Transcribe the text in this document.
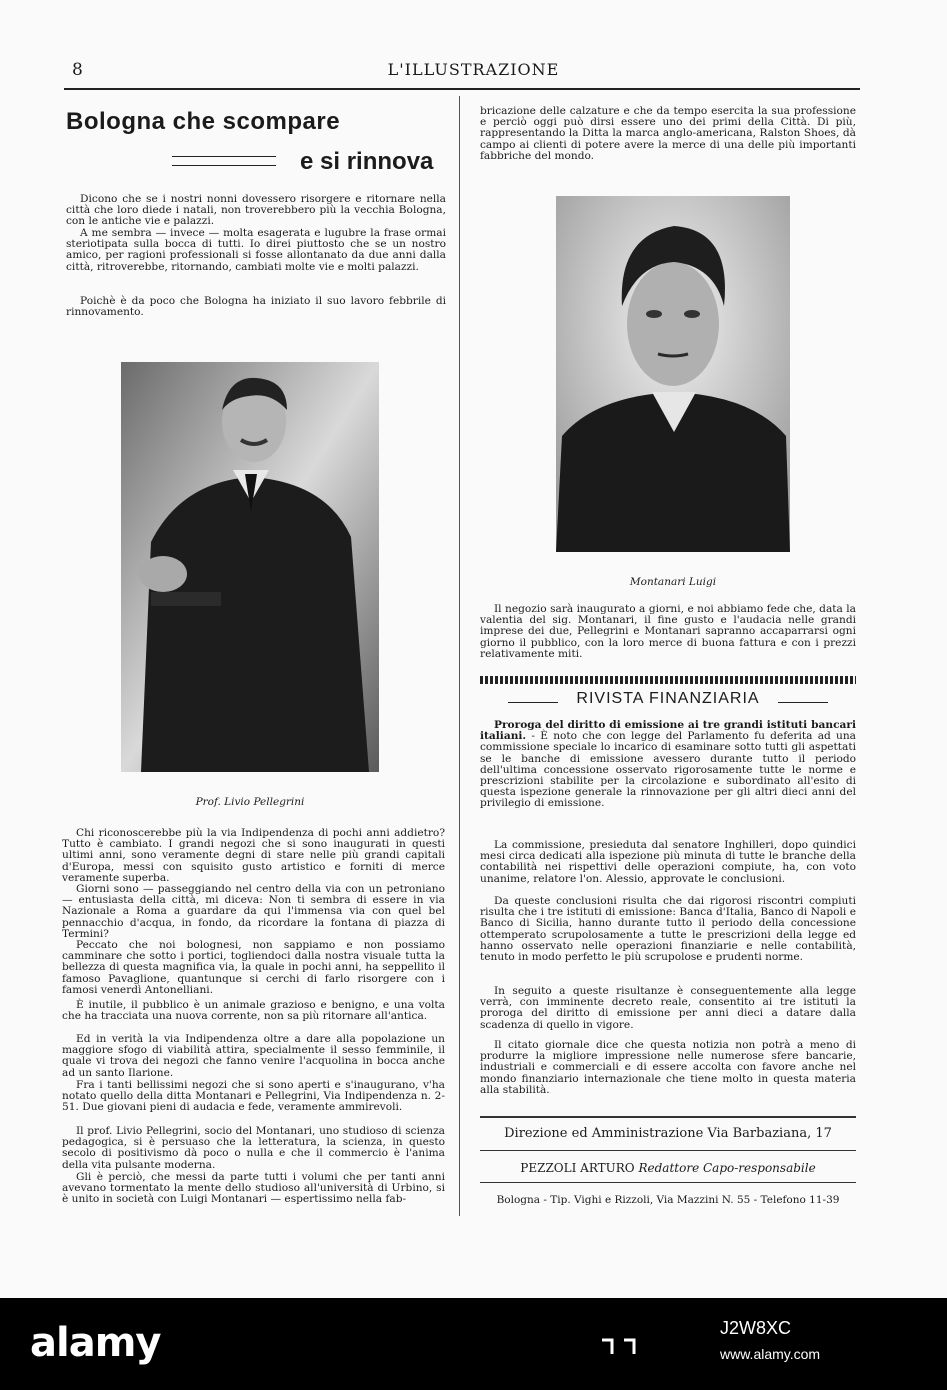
8	L'ILLUSTRAZIONE
Bologna che scompare
e si rinnova

Dicono che se i nostri nonni dovessero risorgere e ritornare nella città che loro diede i natali, non troverebbero più la vecchia Bologna, con le antiche vie e palazzi.

A me sembra — invece — molta esagerata e lugubre la frase ormai steriotipata sulla bocca di tutti. Io direi piuttosto che se un nostro amico, per ragioni professionali si fosse allontanato da due anni dalla città, ritroverebbe, ritornando, cambiati molte vie e molti palazzi.

Poichè è da poco che Bologna ha iniziato il suo lavoro febbrile di rinnovamento.

Prof. Livio Pellegrini

Chi riconoscerebbe più la via Indipendenza di pochi anni addietro? Tutto è cambiato. I grandi negozi che si sono inaugurati in questi ultimi anni, sono veramente degni di stare nelle più grandi capitali d'Europa, messi con squisito gusto artistico e forniti di merce veramente superba.

Giorni sono — passeggiando nel centro della via con un petroniano — entusiasta della città, mi diceva: Non ti sembra di essere in via Nazionale a Roma a guardare da qui l'immensa via con quel bel pennacchio d'acqua, in fondo, da ricordare la fontana di piazza di Termini?

Peccato che noi bolognesi, non sappiamo e non possiamo camminare che sotto i portici, togliendoci dalla nostra visuale tutta la bellezza di questa magnifica via, la quale in pochi anni, ha seppellito il famoso Pavaglione, quantunque si cerchi di farlo risorgere con i famosi venerdì Antonelliani.

È inutile, il pubblico è un animale grazioso e benigno, e una volta che ha tracciata una nuova corrente, non sa più ritornare all'antica.

Ed in verità la via Indipendenza oltre a dare alla popolazione un maggiore sfogo di viabilità attira, specialmente il sesso femminile, il quale vi trova dei negozi che fanno venire l'acquolina in bocca anche ad un santo Ilarione.

Fra i tanti bellissimi negozi che si sono aperti e s'inaugurano, v'ha notato quello della ditta Montanari e Pellegrini, Via Indipendenza n. 2-51. Due giovani pieni di audacia e fede, veramente ammirevoli.

Il prof. Livio Pellegrini, socio del Montanari, uno studioso di scienza pedagogica, si è persuaso che la letteratura, la scienza, in questo secolo di positivismo dà poco o nulla e che il commercio è l'anima della vita pulsante moderna.

Gli è perciò, che messi da parte tutti i volumi che per tanti anni avevano tormentato la mente dello studioso all'università di Urbino, si è unito in società con Luigi Montanari — espertissimo nella fab-

bricazione delle calzature e che da tempo esercita la sua professione e perciò oggi può dirsi essere uno dei primi della Città. Di più, rappresentando la Ditta la marca anglo-americana, Ralston Shoes, dà campo ai clienti di potere avere la merce di una delle più importanti fabbriche del mondo.

Montanari Luigi

Il negozio sarà inaugurato a giorni, e noi abbiamo fede che, data la valentia del sig. Montanari, il fine gusto e l'audacia nelle grandi imprese dei due, Pellegrini e Montanari sapranno accaparrarsi ogni giorno il pubblico, con la loro merce di buona fattura e con i prezzi relativamente miti.

RIVISTA FINANZIARIA

Proroga del diritto di emissione ai tre grandi istituti bancari italiani. - È noto che con legge del Parlamento fu deferita ad una commissione speciale lo incarico di esaminare sotto tutti gli aspettati se le banche di emissione avessero durante tutto il periodo dell'ultima concessione osservato rigorosamente tutte le norme e prescrizioni stabilite per la circolazione e subordinato all'esito di questa ispezione generale la rinnovazione per gli altri dieci anni del privilegio di emissione.

La commissione, presieduta dal senatore Inghilleri, dopo quindici mesi circa dedicati alla ispezione più minuta di tutte le branche della contabilità nei rispettivi delle operazioni compiute, ha, con voto unanime, relatore l'on. Alessio, approvate le conclusioni.

Da queste conclusioni risulta che dai rigorosi riscontri compiuti risulta che i tre istituti di emissione: Banca d'Italia, Banco di Napoli e Banco di Sicilia, hanno durante tutto il periodo della concessione ottemperato scrupolosamente a tutte le prescrizioni della legge ed hanno osservato nelle operazioni finanziarie e nelle contabilità, tenuto in modo perfetto le più scrupolose e prudenti norme.

In seguito a queste risultanze è conseguentemente alla legge verrà, con imminente decreto reale, consentito ai tre istituti la proroga del diritto di emissione per anni dieci a datare dalla scadenza di quello in vigore.

Il citato giornale dice che questa notizia non potrà a meno di produrre la migliore impressione nelle numerose sfere bancarie, industriali e commerciali e di essere accolta con favore anche nel mondo finanziario internazionale che tiene molto in questa materia alla stabilità.

Direzione ed Amministrazione Via Barbaziana, 17
PEZZOLI ARTURO Redattore Capo-responsabile
Bologna - Tip. Vighi e Rizzoli, Via Mazzini N. 55 - Telefono 11-39
alamy	J2W8XC
www.alamy.com
